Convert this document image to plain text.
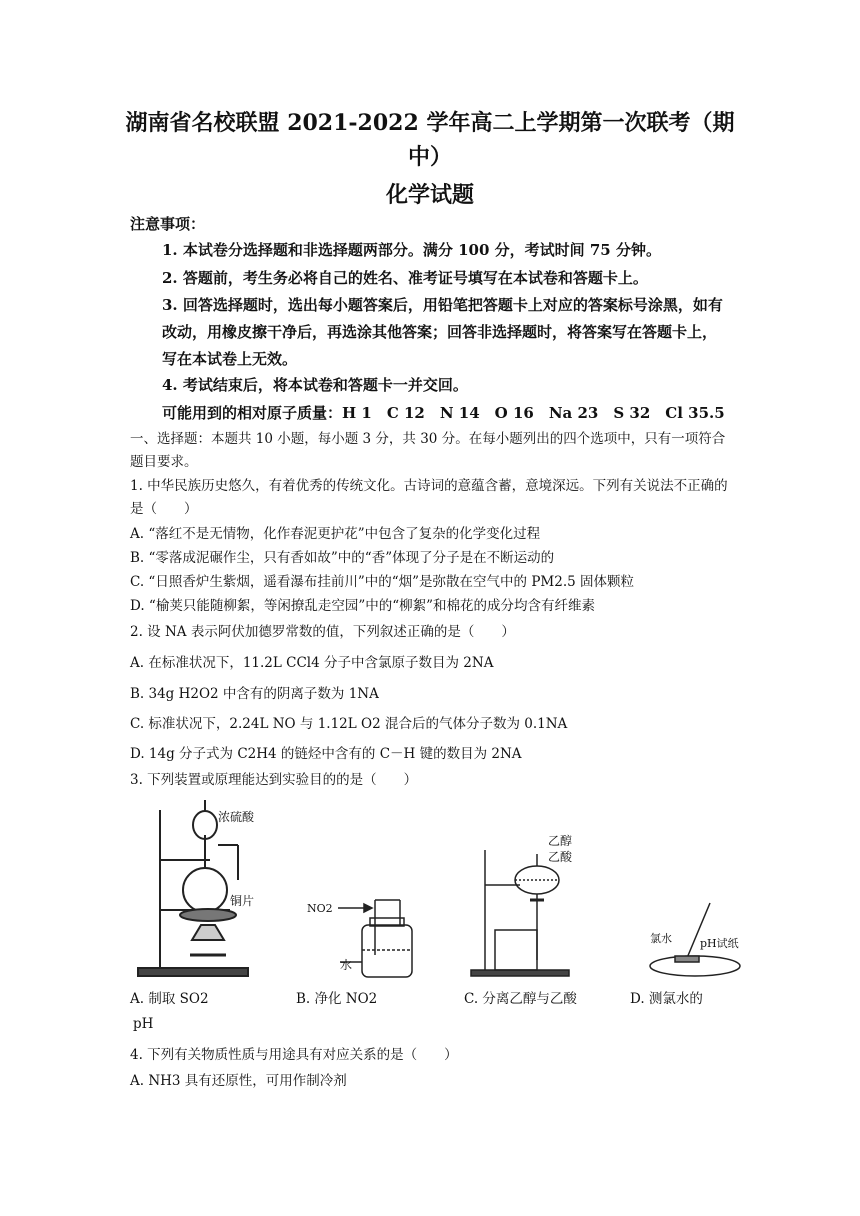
湖南省名校联盟 2021-2022 学年高二上学期第一次联考（期
中）
化学试题
注意事项：
1. 本试卷分选择题和非选择题两部分。满分 100 分，考试时间 75 分钟。
2. 答题前，考生务必将自己的姓名、准考证号填写在本试卷和答题卡上。
3. 回答选择题时，选出每小题答案后，用铅笔把答题卡上对应的答案标号涂黑，如有改动，用橡皮擦干净后，再选涂其他答案；回答非选择题时，将答案写在答题卡上，写在本试卷上无效。
4. 考试结束后，将本试卷和答题卡一并交回。
可能用到的相对原子质量：H 1　C 12　N 14　O 16　Na 23　S 32　Cl 35.5
一、选择题：本题共 10 小题，每小题 3 分，共 30 分。在每小题列出的四个选项中，只有一项符合题目要求。
1. 中华民族历史悠久，有着优秀的传统文化。古诗词的意蕴含蓄，意境深远。下列有关说法不正确的是（　　）
A. “落红不是无情物，化作春泥更护花”中包含了复杂的化学变化过程
B. “零落成泥碾作尘，只有香如故”中的“香”体现了分子是在不断运动的
C. “日照香炉生紫烟，遥看瀑布挂前川”中的“烟”是弥散在空气中的 PM2.5 固体颗粒
D. “榆荚只能随柳絮，等闲撩乱走空园”中的“柳絮”和棉花的成分均含有纤维素
2. 设 NA 表示阿伏加德罗常数的值，下列叙述正确的是（　　）
A. 在标准状况下，11.2L CCl4 分子中含氯原子数目为 2NA
B. 34g H2O2 中含有的阴离子数为 1NA
C. 标准状况下，2.24L NO 与 1.12L O2 混合后的气体分子数为 0.1NA
D. 14g 分子式为 C2H4 的链烃中含有的 C－H 键的数目为 2NA
3. 下列装置或原理能达到实验目的的是（　　）
浓硫酸
铜片
NO2
水
乙醇
乙酸
氯水	pH试纸
A. 制取 SO2	B. 净化 NO2	C. 分离乙醇与乙酸	D. 测氯水的
pH
4. 下列有关物质性质与用途具有对应关系的是（　　）
A. NH3 具有还原性，可用作制冷剂
